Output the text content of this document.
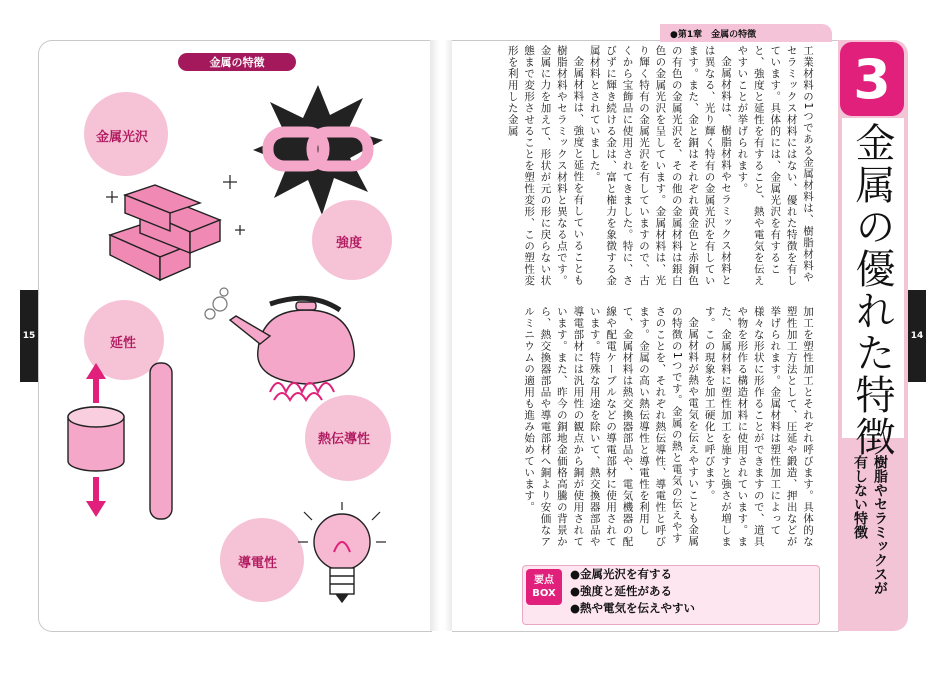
15	14
金属の特徴
金属光沢
強度
延性
熱伝導性
導電性
●第1章　金属の特徴

工業材料の1つである金属材料は、樹脂材料やセラミックス材料にはない、優れた特徴を有しています。具体的には、金属光沢を有すること、強度と延性を有すること、熱や電気を伝えやすいことが挙げられます。

金属材料は、樹脂材料やセラミックス材料とは異なる、光り輝く特有の金属光沢を有しています。また、金と銅はそれぞれ黄金色と赤銅色の有色の金属光沢を、その他の金属材料は銀白色の金属光沢を呈しています。金属材料は、光り輝く特有の金属光沢を有していますので、古くから宝飾品に使用されてきました。特に、さびずに輝き続ける金は、富と権力を象徴する金属材料とされていました。

金属材料は、強度と延性を有していることも樹脂材料やセラミックス材料と異なる点です。金属に力を加えて、形状が元の形に戻らない状態まで変形させることを塑性変形、この塑性変形を利用した金属

加工を塑性加工とそれぞれ呼びます。具体的な塑性加工方法として、圧延や鍛造、押出などが挙げられます。金属材料は塑性加工によって様々な形状に形作ることができますので、道具や物を形作る構造材料に使用されています。また、金属材料に塑性加工を施すと強さが増します。この現象を加工硬化と呼びます。

金属材料が熱や電気を伝えやすいことも金属の特徴の1つです。金属の熱と電気の伝えやすさのことを、それぞれ熱伝導性、導電性と呼びます。金属の高い熱伝導性と導電性を利用して、金属材料は熱交換器部品や、電気機器の配線や配電ケーブルなどの導電部材に使用されています。特殊な用途を除いて、熱交換器部品や導電部材には汎用性の観点から銅が使用されています。また、昨今の銅地金価格高騰の背景から、熱交換器部品や導電部材へ銅より安価なアルミニウムの適用も進み始めています。

3
金属の優れた特徴
樹脂やセラミックスが有しない特徴
要点
BOX
●金属光沢を有する
●強度と延性がある
●熱や電気を伝えやすい
